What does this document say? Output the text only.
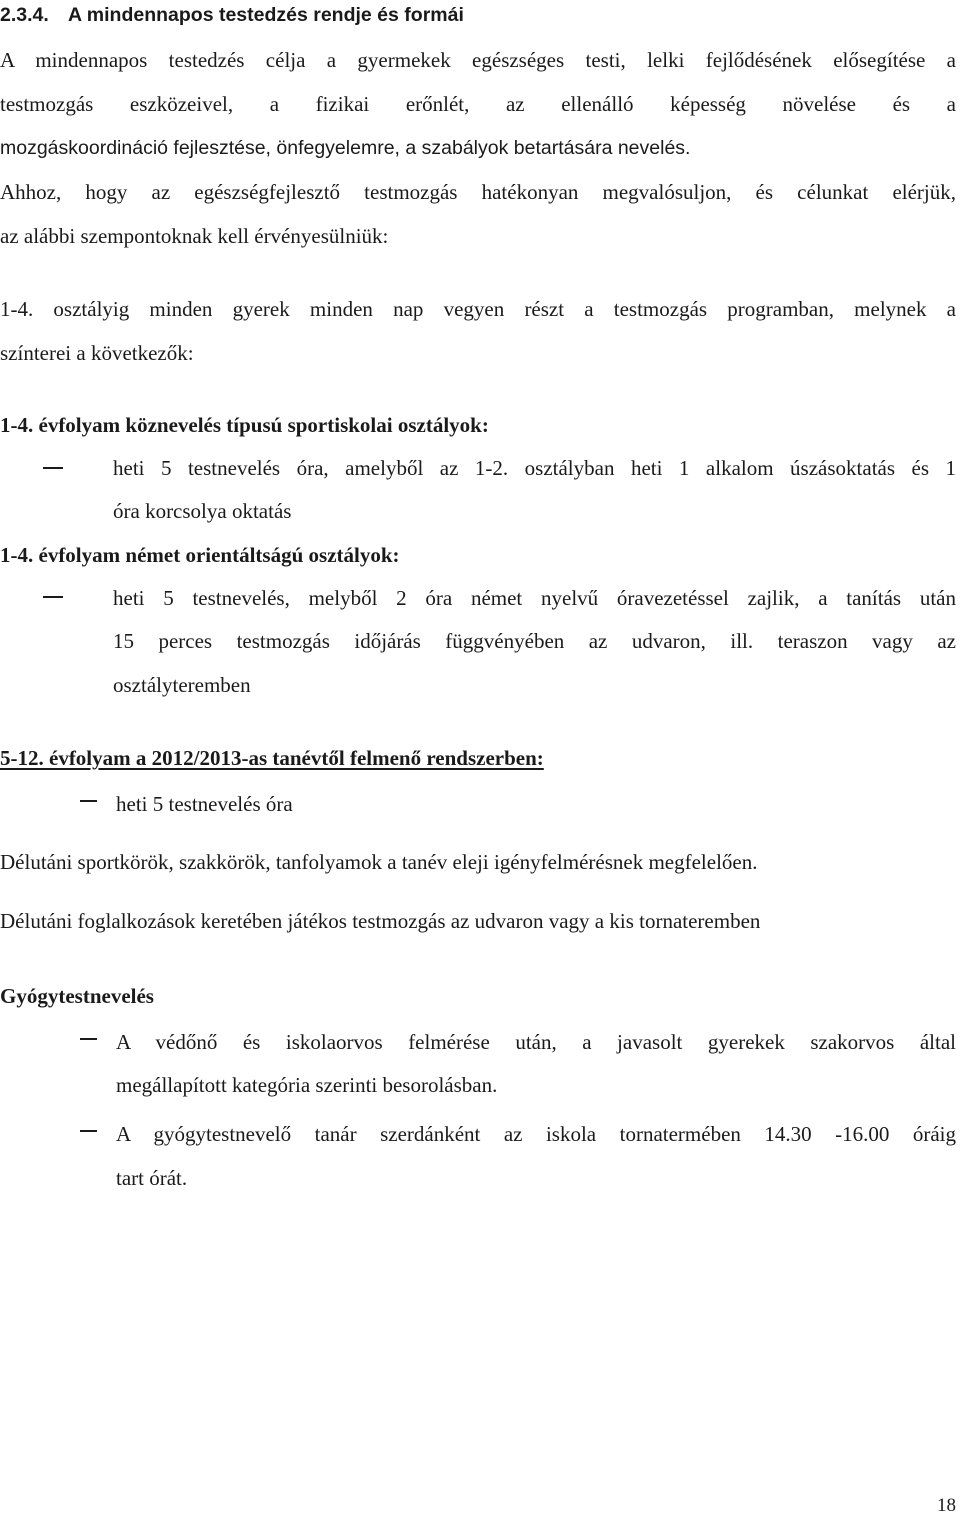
2.3.4. A mindennapos testedzés rendje és formái
A mindennapos testedzés célja a gyermekek egészséges testi, lelki fejlődésének elősegítése a
testmozgás eszközeivel, a fizikai erőnlét, az ellenálló képesség növelése és a
mozgáskoordináció fejlesztése, önfegyelemre, a szabályok betartására nevelés.
Ahhoz, hogy az egészségfejlesztő testmozgás hatékonyan megvalósuljon, és célunkat elérjük,
az alábbi szempontoknak kell érvényesülniük:
1-4. osztályig minden gyerek minden nap vegyen részt a testmozgás programban, melynek a
színterei a következők:
1-4. évfolyam köznevelés típusú sportiskolai osztályok:
heti 5 testnevelés óra, amelyből az 1-2. osztályban heti 1 alkalom úszásoktatás és 1
óra korcsolya oktatás
1-4. évfolyam német orientáltságú osztályok:
heti 5 testnevelés, melyből 2 óra német nyelvű óravezetéssel zajlik, a tanítás után
15 perces testmozgás időjárás függvényében az udvaron, ill. teraszon vagy az
osztályteremben
5-12. évfolyam a 2012/2013-as tanévtől felmenő rendszerben:
heti 5 testnevelés óra
Délutáni sportkörök, szakkörök, tanfolyamok a tanév eleji igényfelmérésnek megfelelően.
Délutáni foglalkozások keretében játékos testmozgás az udvaron vagy a kis tornateremben
Gyógytestnevelés
A védőnő és iskolaorvos felmérése után, a javasolt gyerekek szakorvos által
megállapított kategória szerinti besorolásban.
A gyógytestnevelő tanár szerdánként az iskola tornatermében 14.30 -16.00 óráig
tart órát.
18
